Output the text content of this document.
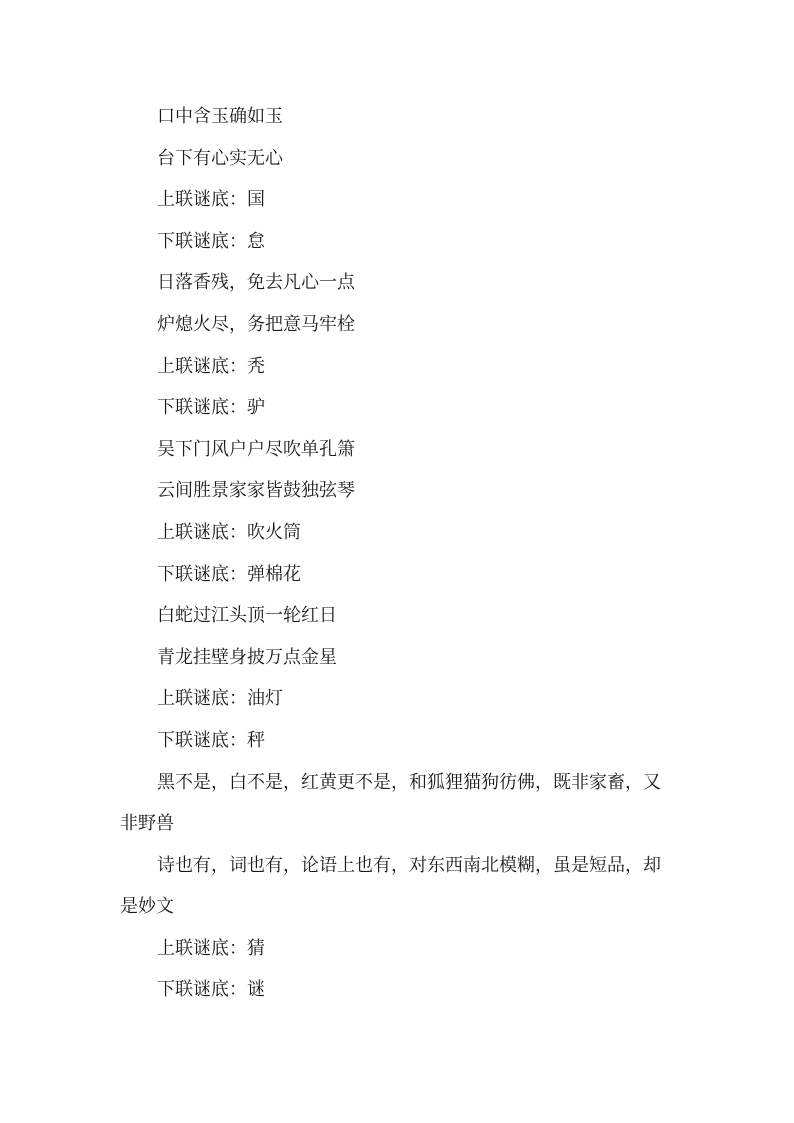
口中含玉确如玉

台下有心实无心

上联谜底：国

下联谜底：怠

日落香残，免去凡心一点

炉熄火尽，务把意马牢栓

上联谜底：秃

下联谜底：驴

吴下门风户户尽吹单孔箫

云间胜景家家皆鼓独弦琴

上联谜底：吹火筒

下联谜底：弹棉花

白蛇过江头顶一轮红日

青龙挂壁身披万点金星

上联谜底：油灯

下联谜底：秤

黑不是，白不是，红黄更不是，和狐狸猫狗彷佛，既非家畜，又非野兽

诗也有，词也有，论语上也有，对东西南北模糊，虽是短品，却是妙文

上联谜底：猜

下联谜底：谜
